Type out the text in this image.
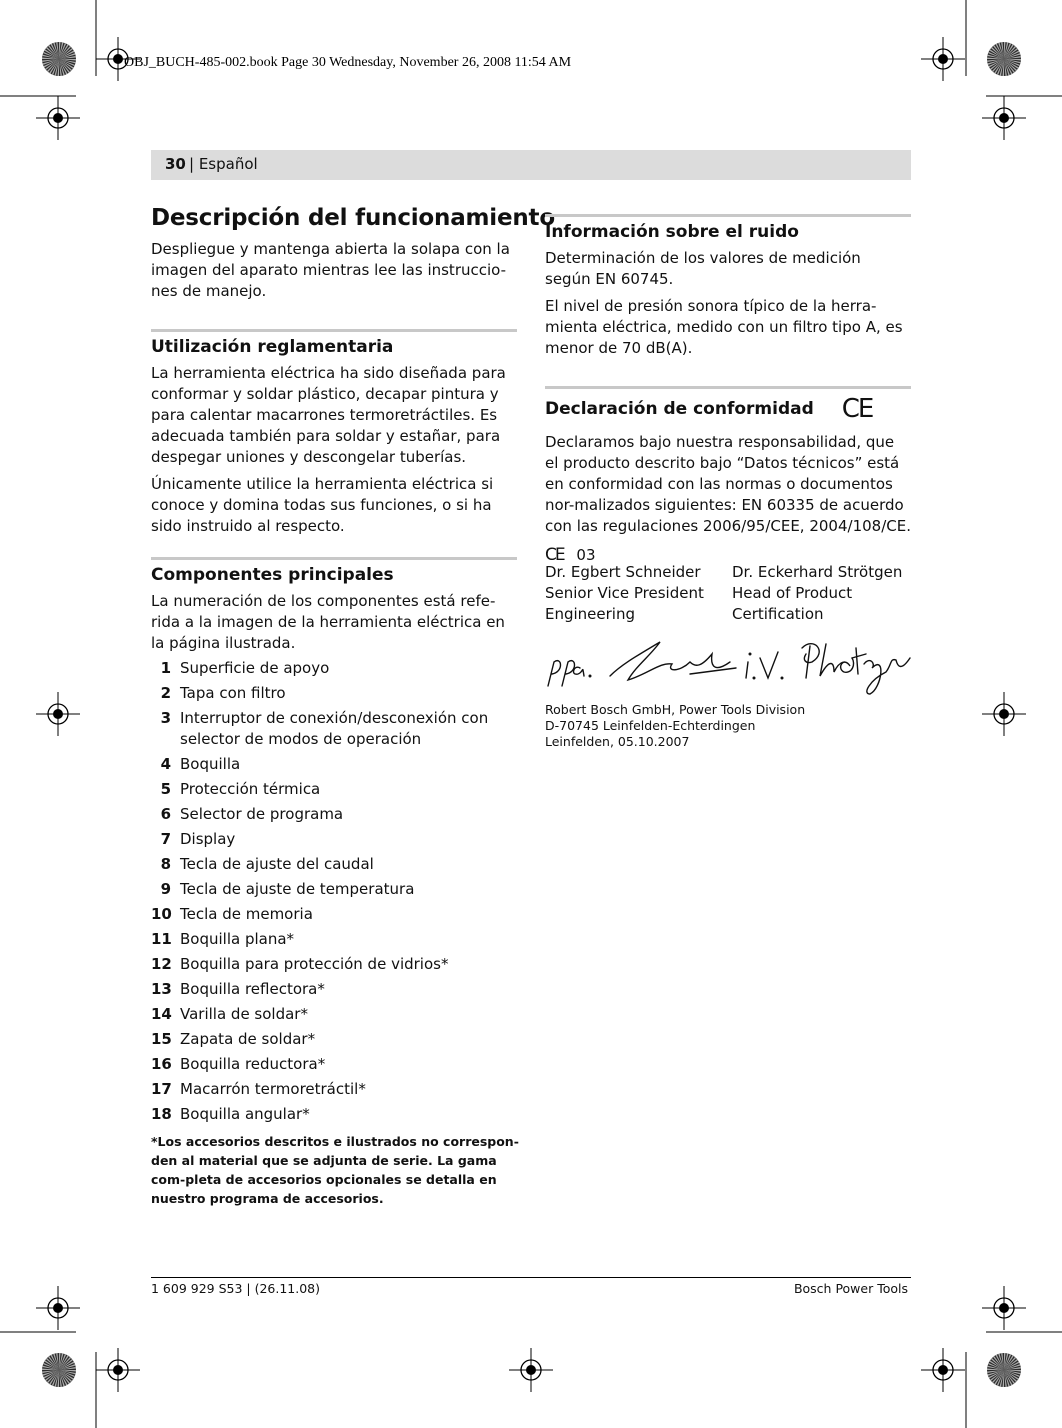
OBJ_BUCH-485-002.book Page 30 Wednesday, November 26, 2008 11:54 AM
30 | Español
Descripción del funcionamiento

Despliegue y mantenga abierta la solapa con la imagen del aparato mientras lee las instruccio-nes de manejo.

Utilización reglamentaria

La herramienta eléctrica ha sido diseñada para conformar y soldar plástico, decapar pintura y para calentar macarrones termoretráctiles. Es adecuada también para soldar y estañar, para despegar uniones y descongelar tuberías.

Únicamente utilice la herramienta eléctrica si conoce y domina todas sus funciones, o si ha sido instruido al respecto.

Componentes principales

La numeración de los componentes está refe-rida a la imagen de la herramienta eléctrica en la página ilustrada.

1 Superficie de apoyo
2 Tapa con filtro
3 Interruptor de conexión/desconexión con selector de modos de operación
4 Boquilla
5 Protección térmica
6 Selector de programa
7 Display
8 Tecla de ajuste del caudal
9 Tecla de ajuste de temperatura
10 Tecla de memoria
11 Boquilla plana*
12 Boquilla para protección de vidrios*
13 Boquilla reflectora*
14 Varilla de soldar*
15 Zapata de soldar*
16 Boquilla reductora*
17 Macarrón termoretráctil*
18 Boquilla angular*
*Los accesorios descritos e ilustrados no correspon-den al material que se adjunta de serie. La gama com-pleta de accesorios opcionales se detalla en nuestro programa de accesorios.
Información sobre el ruido

Determinación de los valores de medición según EN 60745.

El nivel de presión sonora típico de la herra-mienta eléctrica, medido con un filtro tipo A, es menor de 70 dB(A).

Declaración de conformidad CE

Declaramos bajo nuestra responsabilidad, que el producto descrito bajo “Datos técnicos” está en conformidad con las normas o documentos nor-malizados siguientes: EN 60335 de acuerdo con las regulaciones 2006/95/CEE, 2004/108/CE.

CE 03

Dr. Egbert Schneider
Senior Vice President
Engineering
Dr. Eckerhard Strötgen
Head of Product
Certification
Robert Bosch GmbH, Power Tools Division
D-70745 Leinfelden-Echterdingen
Leinfelden, 05.10.2007
1 609 929 S53 | (26.11.08)	Bosch Power Tools
